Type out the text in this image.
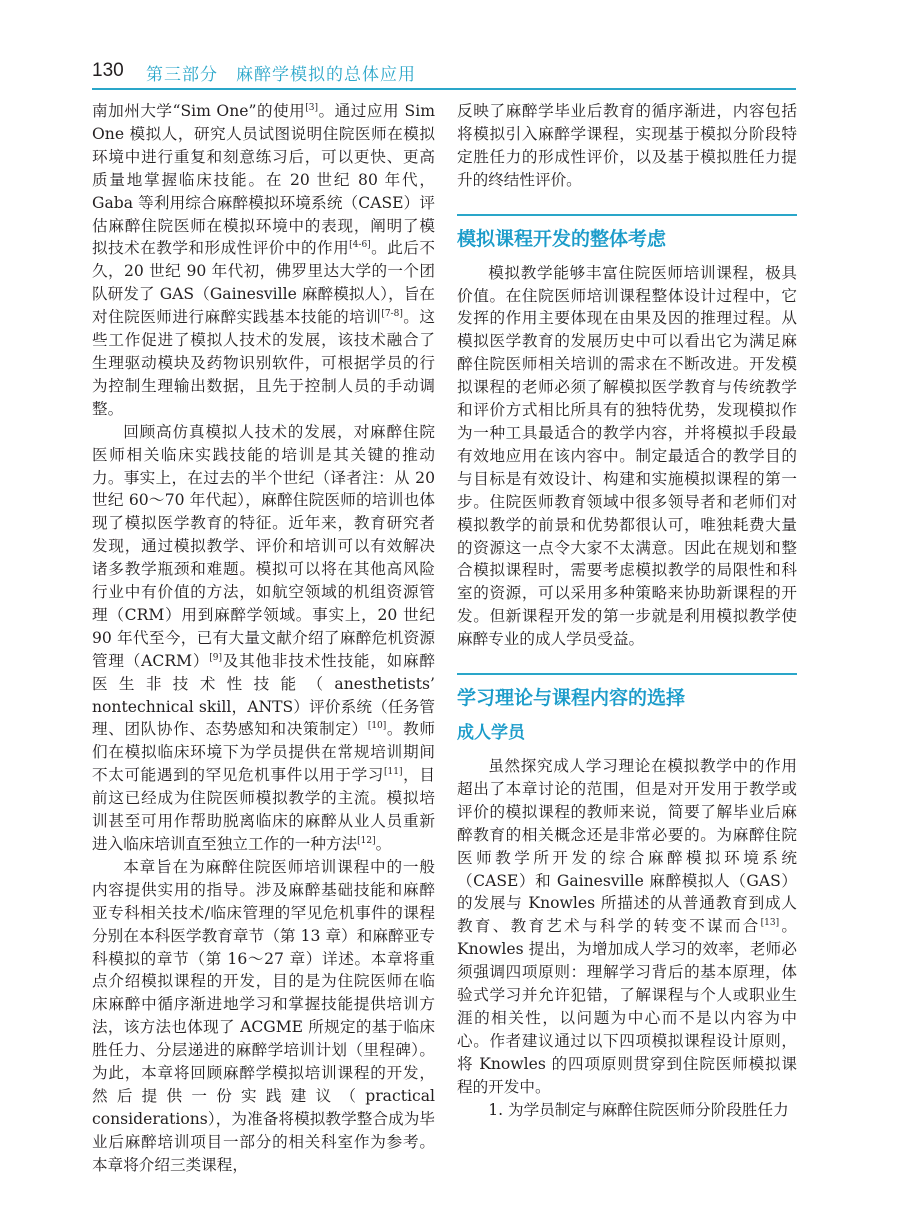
130 第三部分　麻醉学模拟的总体应用

南加州大学“Sim One”的使用[3]。通过应用 Sim One 模拟人，研究人员试图说明住院医师在模拟环境中进行重复和刻意练习后，可以更快、更高质量地掌握临床技能。在 20 世纪 80 年代，Gaba 等利用综合麻醉模拟环境系统（CASE）评估麻醉住院医师在模拟环境中的表现，阐明了模拟技术在教学和形成性评价中的作用[4-6]。此后不久，20 世纪 90 年代初，佛罗里达大学的一个团队研发了 GAS（Gainesville 麻醉模拟人），旨在对住院医师进行麻醉实践基本技能的培训[7-8]。这些工作促进了模拟人技术的发展，该技术融合了生理驱动模块及药物识别软件，可根据学员的行为控制生理输出数据，且先于控制人员的手动调整。

回顾高仿真模拟人技术的发展，对麻醉住院医师相关临床实践技能的培训是其关键的推动力。事实上，在过去的半个世纪（译者注：从 20 世纪 60～70 年代起），麻醉住院医师的培训也体现了模拟医学教育的特征。近年来，教育研究者发现，通过模拟教学、评价和培训可以有效解决诸多教学瓶颈和难题。模拟可以将在其他高风险行业中有价值的方法，如航空领域的机组资源管理（CRM）用到麻醉学领域。事实上，20 世纪 90 年代至今，已有大量文献介绍了麻醉危机资源管理（ACRM）[9]及其他非技术性技能，如麻醉医生非技术性技能（anesthetists’ nontechnical skill，ANTS）评价系统（任务管理、团队协作、态势感知和决策制定）[10]。教师们在模拟临床环境下为学员提供在常规培训期间不太可能遇到的罕见危机事件以用于学习[11]，目前这已经成为住院医师模拟教学的主流。模拟培训甚至可用作帮助脱离临床的麻醉从业人员重新进入临床培训直至独立工作的一种方法[12]。

本章旨在为麻醉住院医师培训课程中的一般内容提供实用的指导。涉及麻醉基础技能和麻醉亚专科相关技术/临床管理的罕见危机事件的课程分别在本科医学教育章节（第 13 章）和麻醉亚专科模拟的章节（第 16～27 章）详述。本章将重点介绍模拟课程的开发，目的是为住院医师在临床麻醉中循序渐进地学习和掌握技能提供培训方法，该方法也体现了 ACGME 所规定的基于临床胜任力、分层递进的麻醉学培训计划（里程碑）。为此，本章将回顾麻醉学模拟培训课程的开发，然后提供一份实践建议（practical considerations），为准备将模拟教学整合成为毕业后麻醉培训项目一部分的相关科室作为参考。本章将介绍三类课程，

反映了麻醉学毕业后教育的循序渐进，内容包括将模拟引入麻醉学课程，实现基于模拟分阶段特定胜任力的形成性评价，以及基于模拟胜任力提升的终结性评价。

模拟课程开发的整体考虑

模拟教学能够丰富住院医师培训课程，极具价值。在住院医师培训课程整体设计过程中，它发挥的作用主要体现在由果及因的推理过程。从模拟医学教育的发展历史中可以看出它为满足麻醉住院医师相关培训的需求在不断改进。开发模拟课程的老师必须了解模拟医学教育与传统教学和评价方式相比所具有的独特优势，发现模拟作为一种工具最适合的教学内容，并将模拟手段最有效地应用在该内容中。制定最适合的教学目的与目标是有效设计、构建和实施模拟课程的第一步。住院医师教育领域中很多领导者和老师们对模拟教学的前景和优势都很认可，唯独耗费大量的资源这一点令大家不太满意。因此在规划和整合模拟课程时，需要考虑模拟教学的局限性和科室的资源，可以采用多种策略来协助新课程的开发。但新课程开发的第一步就是利用模拟教学使麻醉专业的成人学员受益。

学习理论与课程内容的选择
成人学员

虽然探究成人学习理论在模拟教学中的作用超出了本章讨论的范围，但是对开发用于教学或评价的模拟课程的教师来说，简要了解毕业后麻醉教育的相关概念还是非常必要的。为麻醉住院医师教学所开发的综合麻醉模拟环境系统（CASE）和 Gainesville 麻醉模拟人（GAS）的发展与 Knowles 所描述的从普通教育到成人教育、教育艺术与科学的转变不谋而合[13]。Knowles 提出，为增加成人学习的效率，老师必须强调四项原则：理解学习背后的基本原理，体验式学习并允许犯错，了解课程与个人或职业生涯的相关性，以问题为中心而不是以内容为中心。作者建议通过以下四项模拟课程设计原则，将 Knowles 的四项原则贯穿到住院医师模拟课程的开发中。

1. 为学员制定与麻醉住院医师分阶段胜任力
